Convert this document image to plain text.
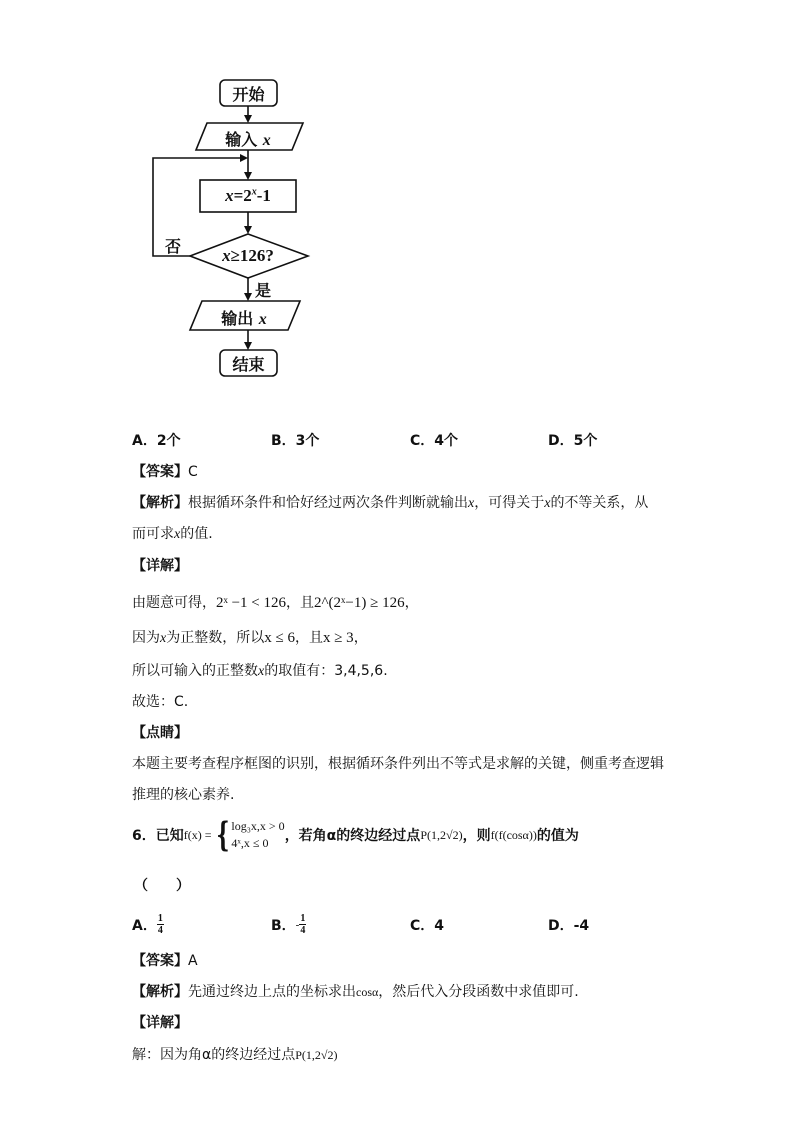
开始
输入 x
$x=2^x-1$
x≥126?
否
是
输出 x
结束
A．2个	B．3个	C．4个	D．5个
【答案】C
【解析】根据循环条件和恰好经过两次条件判断就输出x，可得关于x的不等关系，从
而可求x的值.
【详解】
由题意可得，2ˣ −1 < 126，且2^(2ˣ−1) ≥ 126，
因为x为正整数，所以x ≤ 6，且x ≥ 3，
所以可输入的正整数x的取值有：3,4,5,6.
故选：C.
【点睛】
本题主要考查程序框图的识别，根据循环条件列出不等式是求解的关键，侧重考查逻辑
推理的核心素养.
6．已知 f(x) = { log₃x,x > 0
4ˣ,x ≤ 0	，若角α的终边经过点 P(1,2√2) ，则 f(f(cosα)) 的值为
（　　）
A． $\frac{1}{4}$	B． - $\frac{1}{4}$	C．4	D．-4
【答案】A
【解析】先通过终边上点的坐标求出cosα，然后代入分段函数中求值即可.
【详解】
解：因为角α的终边经过点P(1,2√2)
